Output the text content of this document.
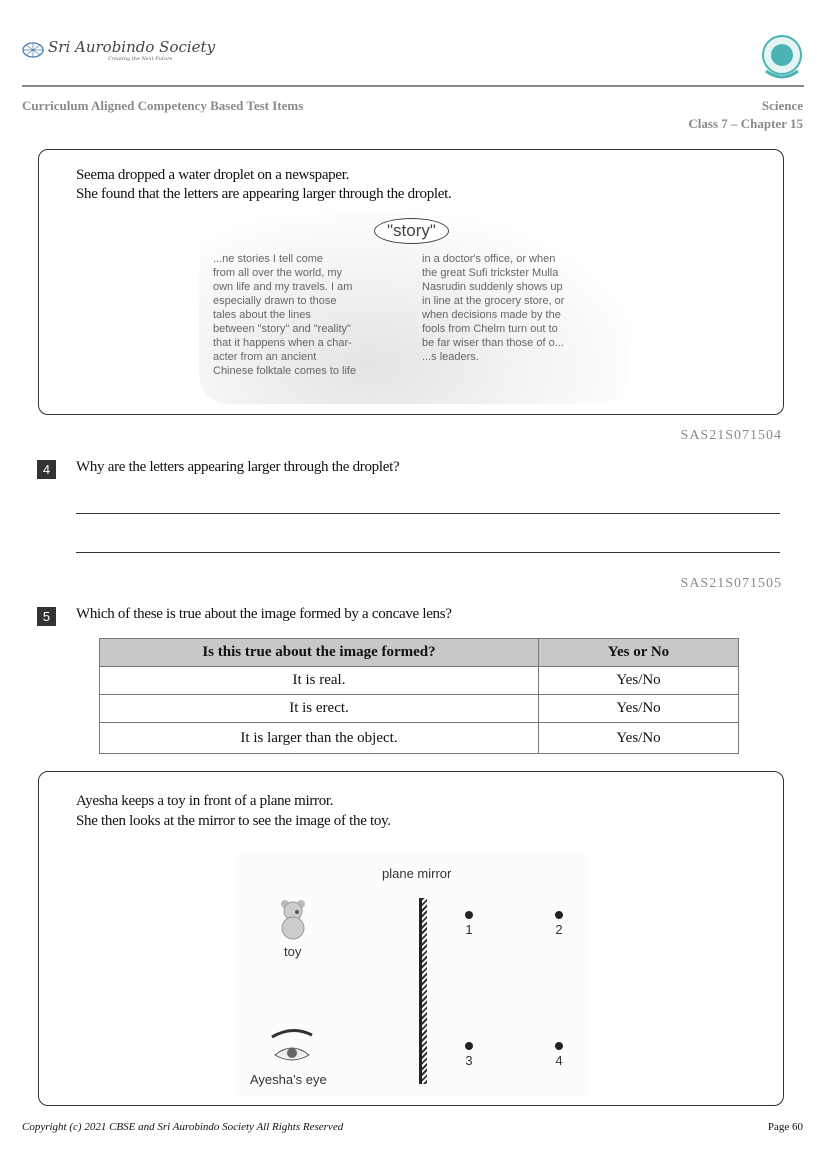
Sri Aurobindo Society
Creating the Next Future
Curriculum Aligned Competency Based Test Items	Science
Class 7 – Chapter 15
Seema dropped a water droplet on a newspaper.
She found that the letters are appearing larger through the droplet.
"story"
...ne stories I tell come
from all over the world, my
own life and my travels. I am
especially drawn to those
tales about the lines
between "story" and "reality"
that it happens when a char-
acter from an ancient
Chinese folktale comes to life
in a doctor's office, or when
the great Sufi trickster Mulla
Nasrudin suddenly shows up
in line at the grocery store, or
when decisions made by the
fools from Chelm turn out to
be far wiser than those of o...
...s leaders.
SAS21S071504
4	Why are the letters appearing larger through the droplet?
SAS21S071505
5	Which of these is true about the image formed by a concave lens?
Is this true about the image formed?	Yes or No
It is real.	Yes/No
It is erect.	Yes/No
It is larger than the object.	Yes/No
Ayesha keeps a toy in front of a plane mirror.
She then looks at the mirror to see the image of the toy.
plane mirror
toy
Ayesha's eye
1	2
3	4
Copyright (c) 2021 CBSE and Sri Aurobindo Society All Rights Reserved	Page 60
